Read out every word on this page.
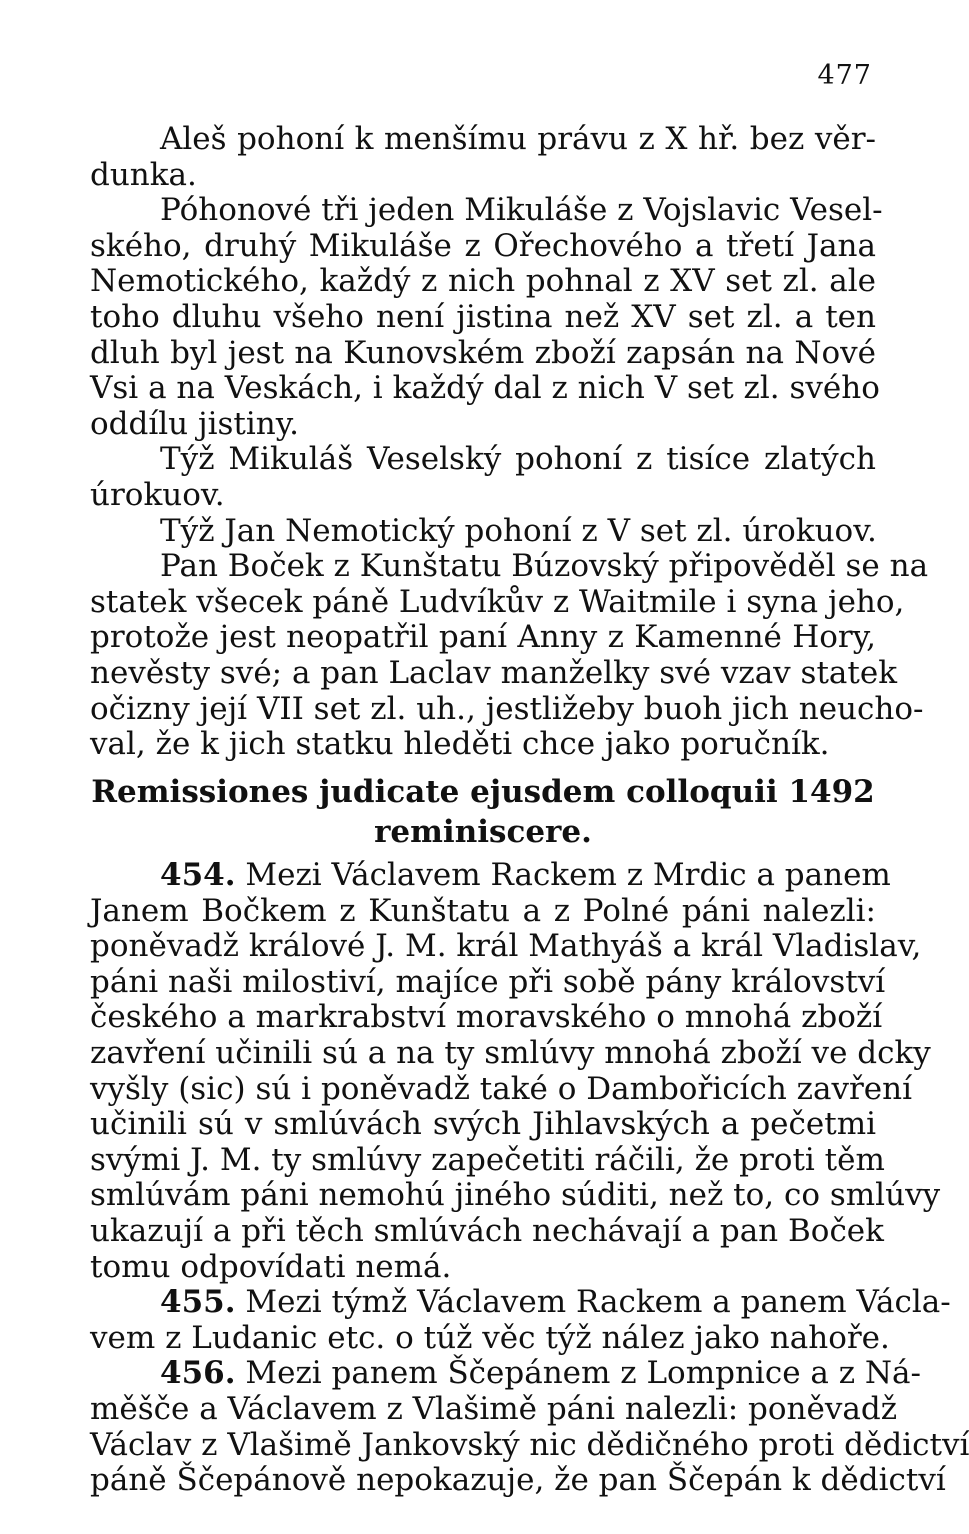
477
Aleš pohoní k menšímu právu z X hř. bez věr-
dunka.
Póhonové tři jeden Mikuláše z Vojslavic Vesel-
ského, druhý Mikuláše z Ořechového a třetí Jana
Nemotického, každý z nich pohnal z XV set zl. ale
toho dluhu všeho není jistina než XV set zl. a ten
dluh byl jest na Kunovském zboží zapsán na Nové
Vsi a na Veskách, i každý dal z nich V set zl. svého
oddílu jistiny.
Týž Mikuláš Veselský pohoní z tisíce zlatých
úrokuov.
Týž Jan Nemotický pohoní z V set zl. úrokuov.
Pan Boček z Kunštatu Búzovský připověděl se na
statek všecek páně Ludvíkův z Waitmile i syna jeho,
protože jest neopatřil paní Anny z Kamenné Hory,
nevěsty své; a pan Laclav manželky své vzav statek
očizny její VII set zl. uh., jestližeby buoh jich neucho-
val, že k jich statku hleděti chce jako poručník.
Remissiones judicate ejusdem colloquii 1492
reminiscere.
454. Mezi Václavem Rackem z Mrdic a panem
Janem Bočkem z Kunštatu a z Polné páni nalezli:
poněvadž králové J. M. král Mathyáš a král Vladislav,
páni naši milostiví, majíce při sobě pány království
českého a markrabství moravského o mnohá zboží
zavření učinili sú a na ty smlúvy mnohá zboží ve dcky
vyšly (sic) sú i poněvadž také o Dambořicích zavření
učinili sú v smlúvách svých Jihlavských a pečetmi
svými J. M. ty smlúvy zapečetiti ráčili, že proti těm
smlúvám páni nemohú jiného súditi, než to, co smlúvy
ukazují a při těch smlúvách nechávají a pan Boček
tomu odpovídati nemá.
455. Mezi týmž Václavem Rackem a panem Václa-
vem z Ludanic etc. o túž věc týž nález jako nahoře.
456. Mezi panem Ščepánem z Lompnice a z Ná-
měšče a Václavem z Vlašimě páni nalezli: poněvadž
Václav z Vlašimě Jankovský nic dědičného proti dědictví
páně Ščepánově nepokazuje, že pan Ščepán k dědictví
